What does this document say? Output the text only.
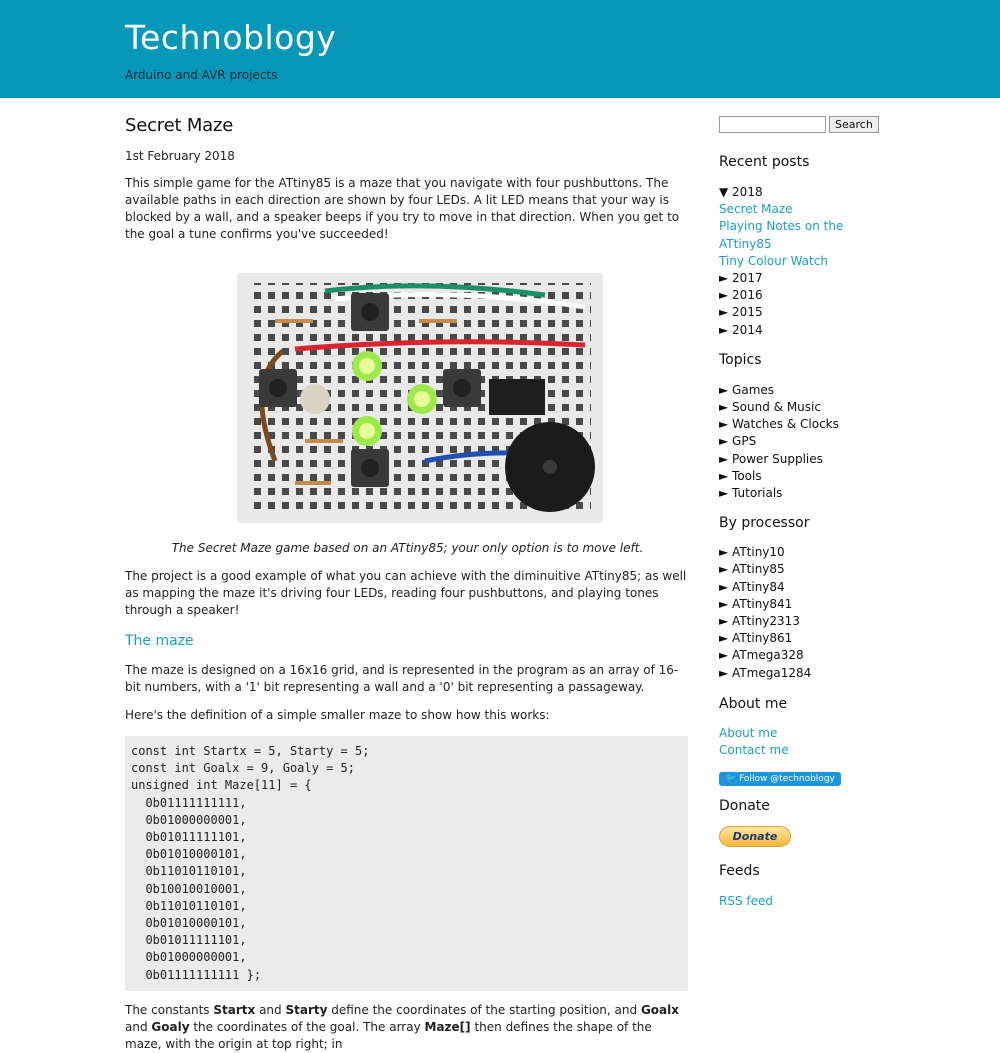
Technoblogy
Arduino and AVR projects
Secret Maze
1st February 2018

This simple game for the ATtiny85 is a maze that you navigate with four pushbuttons. The available paths in each direction are shown by four LEDs. A lit LED means that your way is blocked by a wall, and a speaker beeps if you try to move in that direction. When you get to the goal a tune confirms you've succeeded!

The Secret Maze game based on an ATtiny85; your only option is to move left.

The project is a good example of what you can achieve with the diminuitive ATtiny85; as well as mapping the maze it's driving four LEDs, reading four pushbuttons, and playing tones through a speaker!

The maze

The maze is designed on a 16x16 grid, and is represented in the program as an array of 16-bit numbers, with a '1' bit representing a wall and a '0' bit representing a passageway.

Here's the definition of a simple smaller maze to show how this works:

const int Startx = 5, Starty = 5;
const int Goalx = 9, Goaly = 5;
unsigned int Maze[11] = {
0b01111111111,
0b01000000001,
0b01011111101,
0b01010000101,
0b11010110101,
0b10010010001,
0b11010110101,
0b01010000101,
0b01011111101,
0b01000000001,
0b01111111111 };

The constants Startx and Starty define the coordinates of the starting position, and Goalx and Goaly the coordinates of the goal. The array Maze[] then defines the shape of the maze, with the origin at top right; in

Search
Recent posts
▼ 2018
Secret Maze
Playing Notes on the ATtiny85
Tiny Colour Watch
► 2017
► 2016
► 2015
► 2014
Topics
► Games
► Sound & Music
► Watches & Clocks
► GPS
► Power Supplies
► Tools
► Tutorials
By processor
► ATtiny10
► ATtiny85
► ATtiny84
► ATtiny841
► ATtiny2313
► ATtiny861
► ATmega328
► ATmega1284
About me
About me
Contact me
🐦 Follow @technoblogy
Donate
Donate
Feeds
RSS feed
